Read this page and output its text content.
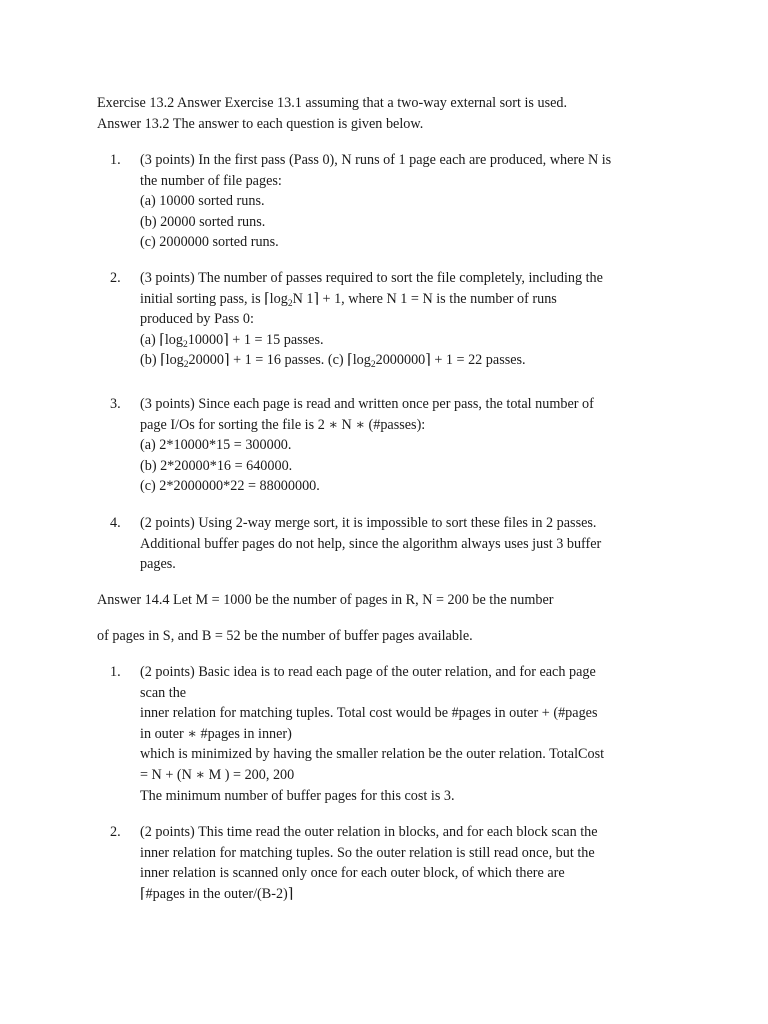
Exercise 13.2 Answer Exercise 13.1 assuming that a two-way external sort is used.
Answer 13.2 The answer to each question is given below.
1. (3 points) In the first pass (Pass 0), N runs of 1 page each are produced, where N is
the number of file pages:
(a) 10000 sorted runs.
(b) 20000 sorted runs.
(c) 2000000 sorted runs.
2. (3 points) The number of passes required to sort the file completely, including the
initial sorting pass, is $⌈\log_2N$ 1⌉ + 1, where N 1 = N is the number of runs
produced by Pass 0:
(a) $⌈\log_210000⌉ + 1 = 15$ passes.
(b) $⌈\log_220000⌉ + 1 = 16$ passes. (c) $⌈\log_22000000⌉ + 1 = 22$ passes.
3. (3 points) Since each page is read and written once per pass, the total number of
page I/Os for sorting the file is 2 ∗ N ∗ (#passes):
(a) 2*10000*15 = 300000.
(b) 2*20000*16 = 640000.
(c) 2*2000000*22 = 88000000.
4. (2 points) Using 2-way merge sort, it is impossible to sort these files in 2 passes.
Additional buffer pages do not help, since the algorithm always uses just 3 buffer
pages.
Answer 14.4 Let M = 1000 be the number of pages in R, N = 200 be the number
of pages in S, and B = 52 be the number of buffer pages available.
1. (2 points) Basic idea is to read each page of the outer relation, and for each page
scan the
inner relation for matching tuples. Total cost would be #pages in outer + (#pages
in outer ∗ #pages in inner)
which is minimized by having the smaller relation be the outer relation. TotalCost
= N + (N ∗ M ) = 200, 200
The minimum number of buffer pages for this cost is 3.
2. (2 points) This time read the outer relation in blocks, and for each block scan the
inner relation for matching tuples. So the outer relation is still read once, but the
inner relation is scanned only once for each outer block, of which there are
⌈#pages in the outer/(B-2)⌉
